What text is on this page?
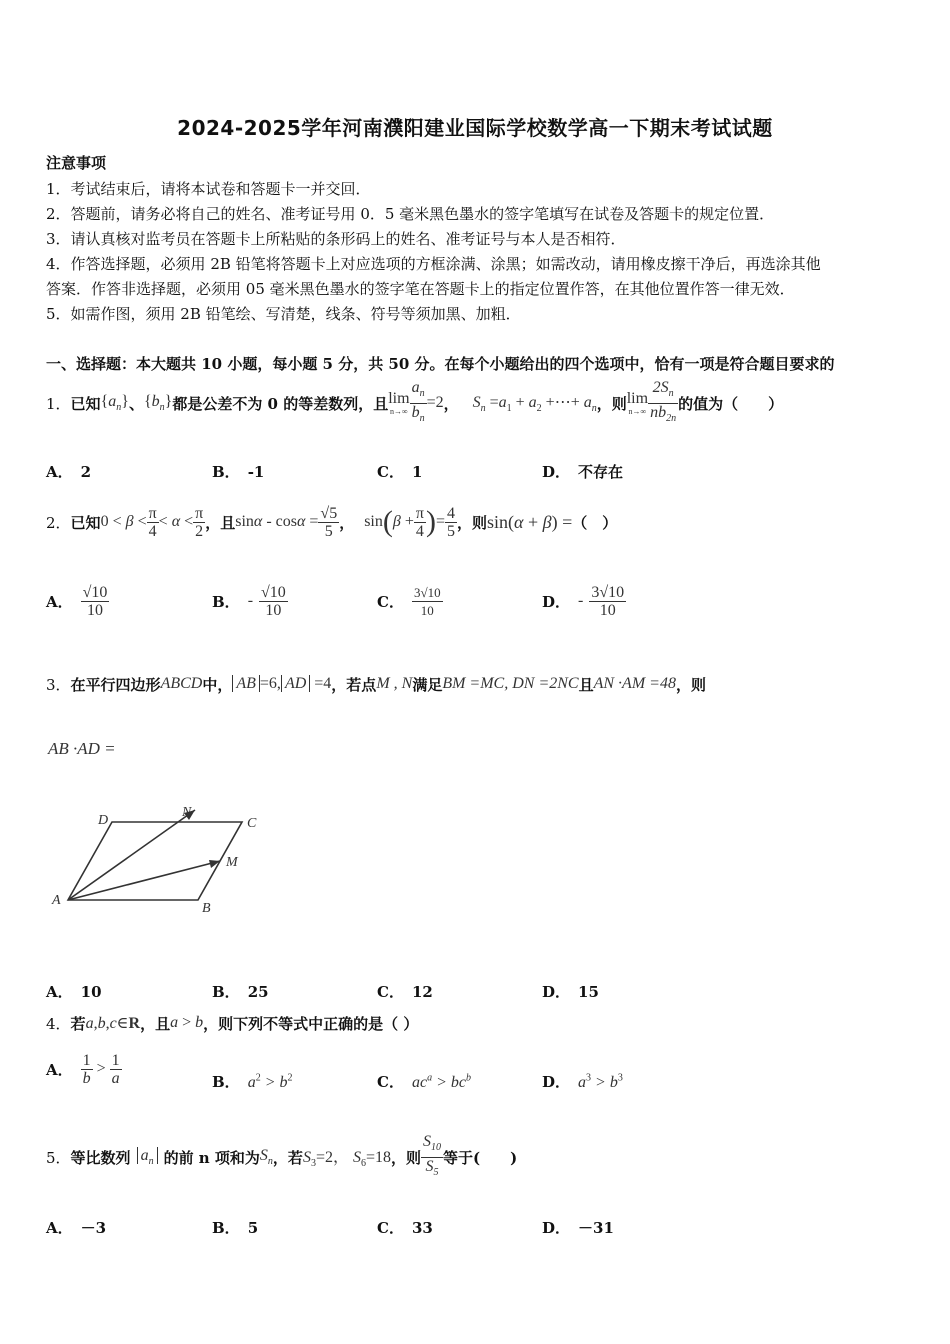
2024-2025学年河南濮阳建业国际学校数学高一下期末考试试题
注意事项
1．考试结束后，请将本试卷和答题卡一并交回．
2．答题前，请务必将自己的姓名、准考证号用 0．5 毫米黑色墨水的签字笔填写在试卷及答题卡的规定位置．
3．请认真核对监考员在答题卡上所粘贴的条形码上的姓名、准考证号与本人是否相符．
4．作答选择题，必须用 2B 铅笔将答题卡上对应选项的方框涂满、涂黑；如需改动，请用橡皮擦干净后，再选涂其他
答案．作答非选择题，必须用 05 毫米黑色墨水的签字笔在答题卡上的指定位置作答，在其他位置作答一律无效．
5．如需作图，须用 2B 铅笔绘、写清楚，线条、符号等须加黑、加粗．
一、选择题：本大题共 10 小题，每小题 5 分，共 50 分。在每个小题给出的四个选项中，恰有一项是符合题目要求的
1． 已知 $\{a_n\}$ 、 $\{b_n\}$ 都是公差不为 0 的等差数列，且 lim
$n\to\infty \frac{a_n}{b_n} =2$ ， $S_n =a_1 + a_2$ +⋯+ $a_n$ ，则 lim
$n\to\infty \frac{2S_n}{nb_{2n}}$ 的值为（　　）
A． 2	B． -1	C． 1	D． 不存在
2． 已知 $0 < \beta < \frac{\pi}{4} < \alpha < \frac{\pi}{2}$ ，且 $\sin\alpha - \cos\alpha = \frac{√5}{5}$ ， sin ( $\beta + \frac{\pi}{4}$ ) = $\frac{4}{5}$ ，则 sin(α + β) = （　）
A． $\frac{√10}{10}$	B． - $\frac{√10}{10}$	C． $\frac{3√10}{10}$	D． - $\frac{3√10}{10}$
3． 在平行四边形 ABCD 中， AB =6, AD =4 ，若点 M , N 满足 BM =MC, DN =2NC 且 AN ·AM =48 ，则
AB ·AD =
A
B
C
D
M
N
A． 10	B． 25	C． 12	D． 15
4． 若 a,b,c∈R ，且 a > b ，则下列不等式中正确的是（ ）
A． $\frac{1}{b} > \frac{1}{a}$	B． $a^2 > b^2$	C． $ac^a > bc^b$	D． $a^3 > b^3$
5． 等比数列 $a_n$ 的前 n 项和为 $S_n$ ，若 $S_3=2$， $S_6=18$ ，则 $\frac{S_{10}}{S_5}$ 等于(　　)
A． －3	B． 5	C． 33	D． －31
